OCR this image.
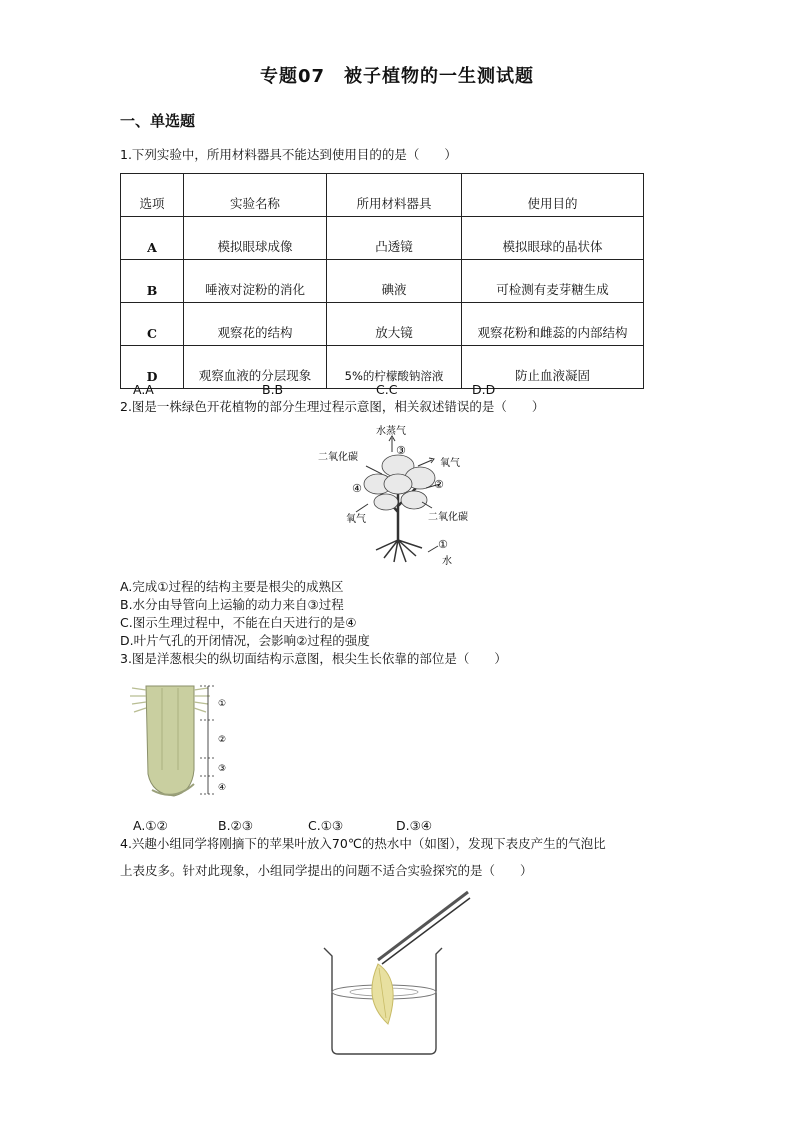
专题07　被子植物的一生测试题
一、单选题
1.下列实验中，所用材料器具不能达到使用目的的是（　　）
选项	实验名称	所用材料器具	使用目的
A	模拟眼球成像	凸透镜	模拟眼球的晶状体
B	唾液对淀粉的消化	碘液	可检测有麦芽糖生成
C	观察花的结构	放大镜	观察花粉和雌蕊的内部结构
D	观察血液的分层现象	5%的柠檬酸钠溶液	防止血液凝固
A.A	B.B	C.C	D.D
2.图是一株绿色开花植物的部分生理过程示意图，相关叙述错误的是（　　）
水蒸气
二氧化碳
氧气
氧气	二氧化碳
水
③
④	②
①
A.完成①过程的结构主要是根尖的成熟区
B.水分由导管向上运输的动力来自③过程
C.图示生理过程中，不能在白天进行的是④
D.叶片气孔的开闭情况，会影响②过程的强度
3.图是洋葱根尖的纵切面结构示意图，根尖生长依靠的部位是（　　）
①
②
③
④
A.①②	B.②③	C.①③	D.③④
4.兴趣小组同学将刚摘下的苹果叶放入70℃的热水中（如图），发现下表皮产生的气泡比
上表皮多。针对此现象，小组同学提出的问题不适合实验探究的是（　　）
